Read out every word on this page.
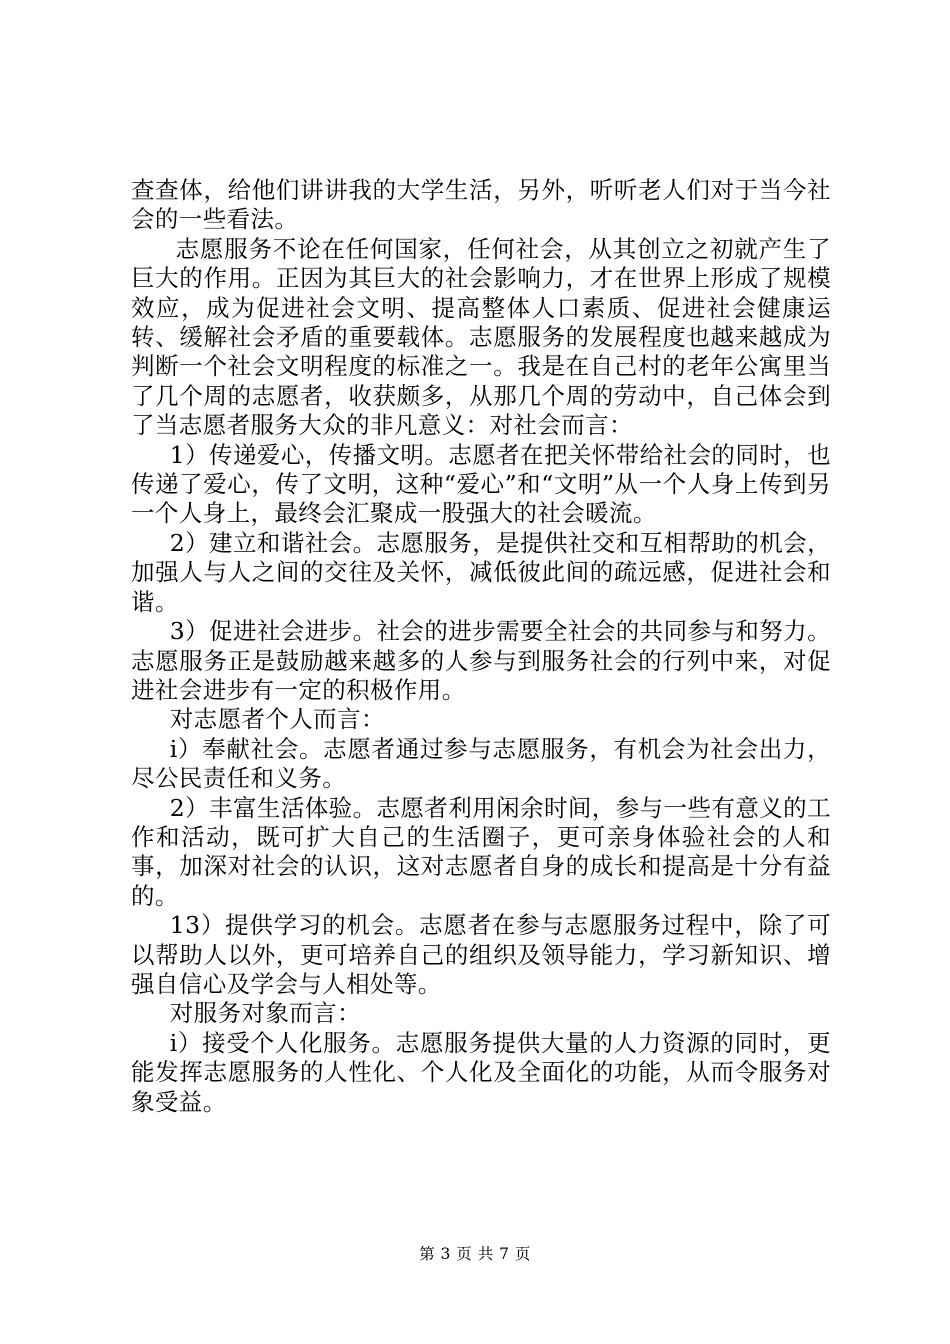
查查体，给他们讲讲我的大学生活，另外，听听老人们对于当今社会的一些看法。

志愿服务不论在任何国家，任何社会，从其创立之初就产生了巨大的作用。正因为其巨大的社会影响力，才在世界上形成了规模效应，成为促进社会文明、提高整体人口素质、促进社会健康运转、缓解社会矛盾的重要载体。志愿服务的发展程度也越来越成为判断一个社会文明程度的标准之一。我是在自己村的老年公寓里当了几个周的志愿者，收获颇多，从那几个周的劳动中，自己体会到了当志愿者服务大众的非凡意义：对社会而言：

1）传递爱心，传播文明。志愿者在把关怀带给社会的同时，也传递了爱心，传了文明，这种“爱心”和“文明”从一个人身上传到另一个人身上，最终会汇聚成一股强大的社会暖流。

2）建立和谐社会。志愿服务，是提供社交和互相帮助的机会，加强人与人之间的交往及关怀，减低彼此间的疏远感，促进社会和谐。

3）促进社会进步。社会的进步需要全社会的共同参与和努力。志愿服务正是鼓励越来越多的人参与到服务社会的行列中来，对促进社会进步有一定的积极作用。

对志愿者个人而言：

i）奉献社会。志愿者通过参与志愿服务，有机会为社会出力，尽公民责任和义务。

2）丰富生活体验。志愿者利用闲余时间，参与一些有意义的工作和活动，既可扩大自己的生活圈子，更可亲身体验社会的人和事，加深对社会的认识，这对志愿者自身的成长和提高是十分有益的。

13）提供学习的机会。志愿者在参与志愿服务过程中，除了可以帮助人以外，更可培养自己的组织及领导能力，学习新知识、增强自信心及学会与人相处等。

对服务对象而言：

i）接受个人化服务。志愿服务提供大量的人力资源的同时，更能发挥志愿服务的人性化、个人化及全面化的功能，从而令服务对象受益。

第 3 页 共 7 页
